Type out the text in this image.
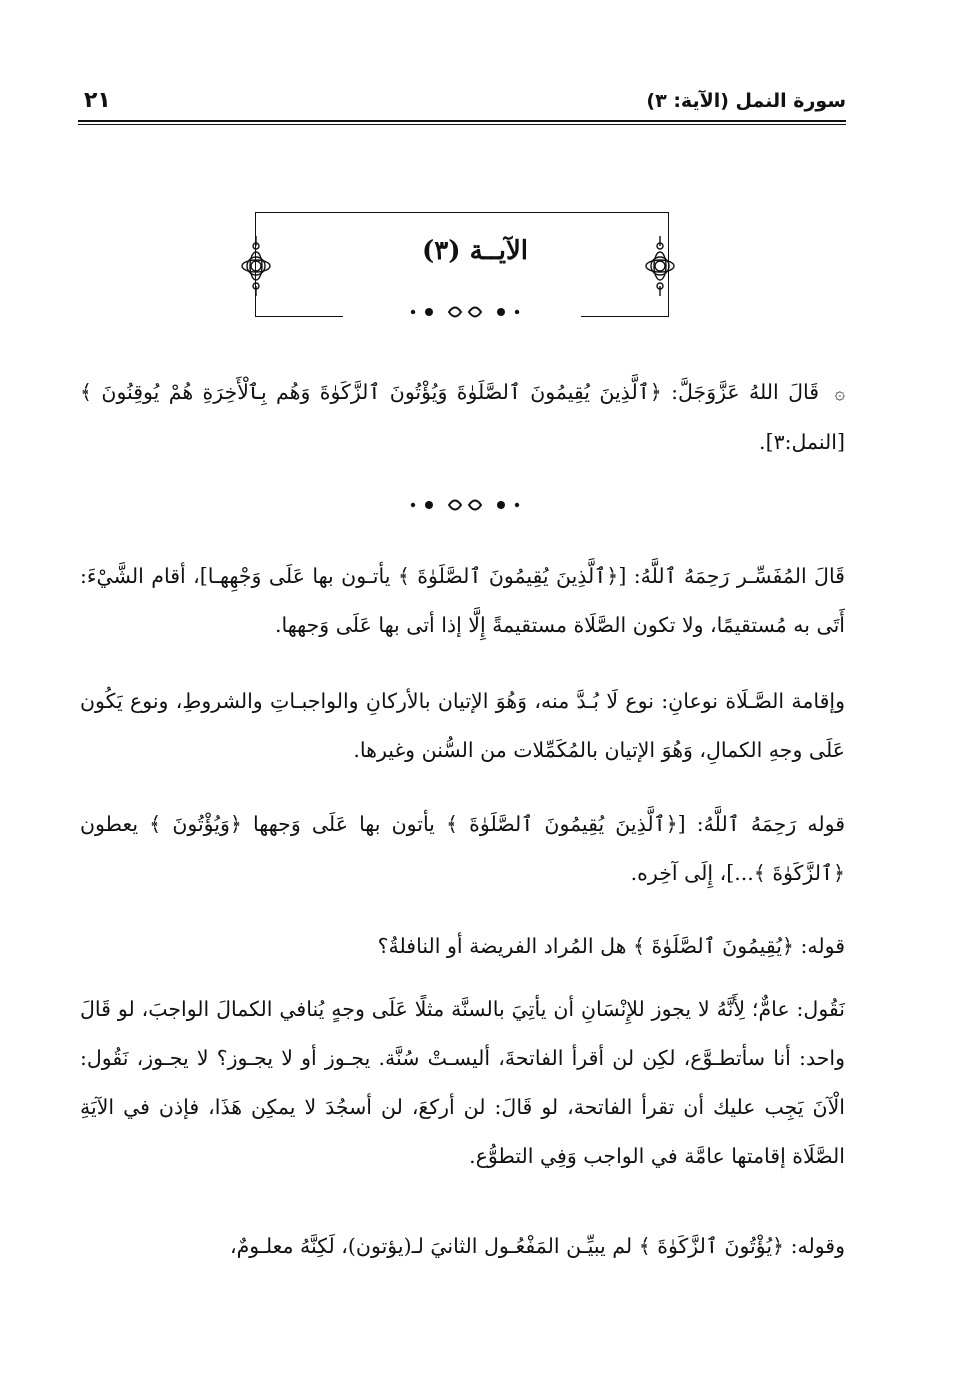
سورة النمل (الآية: ٣)
٢١
الآيــة (٣)

۞ قَالَ اللهُ عَزَّوَجَلَّ: ﴿ٱلَّذِينَ يُقِيمُونَ ٱلصَّلَوٰةَ وَيُؤْتُونَ ٱلزَّكَوٰةَ وَهُم بِٱلْأَخِرَةِ هُمْ يُوقِنُونَ ﴾ [النمل:٣].

قَالَ المُفَسِّـر رَحِمَهُ ٱللَّهُ: [﴿ٱلَّذِينَ يُقِيمُونَ ٱلصَّلَوٰةَ ﴾ يأتـون بها عَلَى وَجْهِهـا]، أقام الشَّيْءَ: أَتَى به مُستقيمًا، ولا تكون الصَّلَاة مستقيمةً إِلَّا إذا أتى بها عَلَى وَجهها.

وإقامة الصَّـلَاة نوعانِ: نوع لَا بُـدَّ منه، وَهُوَ الإتيان بالأركانِ والواجبـاتِ والشروطِ، ونوع يَكُون عَلَى وجهِ الكمالِ، وَهُوَ الإتيان بالمُكَمِّلات من السُّنن وغيرها.

قوله رَحِمَهُ ٱللَّهُ: [﴿ٱلَّذِينَ يُقِيمُونَ ٱلصَّلَوٰةَ ﴾ يأتون بها عَلَى وَجهها ﴿وَيُؤْتُونَ ﴾ يعطون ﴿ٱلزَّكَوٰةَ ﴾...]، إِلَى آخِره.

قوله: ﴿يُقِيمُونَ ٱلصَّلَوٰةَ ﴾ هل المُراد الفريضة أو النافلةُ؟

نَقُول: عامٌّ؛ لِأَنَّهُ لا يجوز للإِنْسَانِ أن يأتِيَ بالسنَّة مثلًا عَلَى وجهٍ يُنافي الكمالَ الواجبَ، لو قَالَ واحد: أنا سأتطـوَّع، لكِن لن أقرأ الفاتحةَ، أليسـتْ سُنَّة. يجـوز أو لا يجـوز؟ لا يجـوز، نَقُول: الْآنَ يَجِب عليك أن تقرأ الفاتحة، لو قَالَ: لن أركعَ، لن أسجُدَ لا يمكِن هَذَا، فإذن في الآيَةِ الصَّلَاة إقامتها عامَّة في الواجب وَفِي التطوُّع.

وقوله: ﴿يُؤْتُونَ ٱلزَّكَوٰةَ ﴾ لم يبيِّـن المَفْعُـول الثانيَ لـ(يؤتون)، لَكِنَّهُ معلـومٌ،
